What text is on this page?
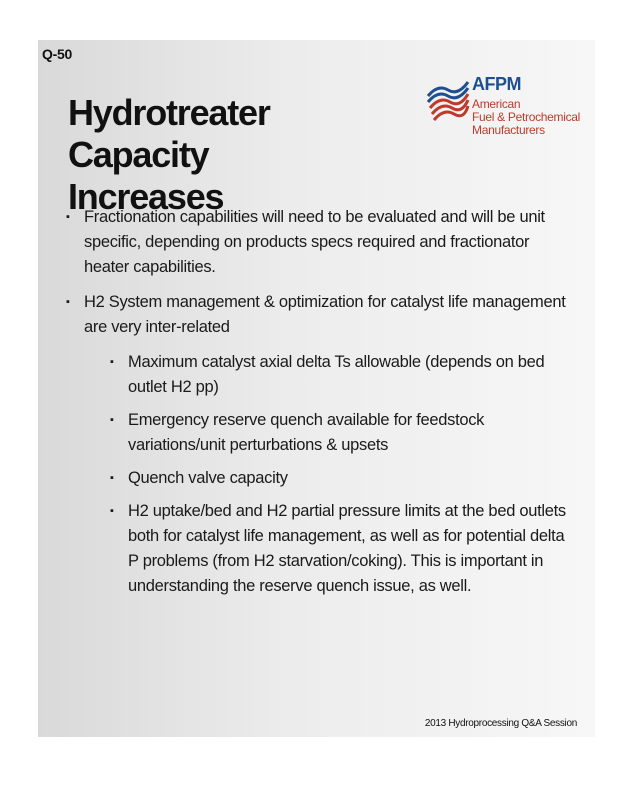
Q-50
Hydrotreater Capacity
Increases
AFPM
American
Fuel & Petrochemical
Manufacturers
▪ Fractionation capabilities will need to be evaluated and will be unit specific, depending on products specs required and fractionator heater capabilities.
▪ H2 System management & optimization for catalyst life management are very inter-related
▪ Maximum catalyst axial delta Ts allowable (depends on bed outlet H2 pp)
▪ Emergency reserve quench available for feedstock variations/unit perturbations & upsets
▪ Quench valve capacity
▪ H2 uptake/bed and H2 partial pressure limits at the bed outlets both for catalyst life management, as well as for potential delta P problems (from H2 starvation/coking). This is important in understanding the reserve quench issue, as well.
2013 Hydroprocessing Q&A Session
